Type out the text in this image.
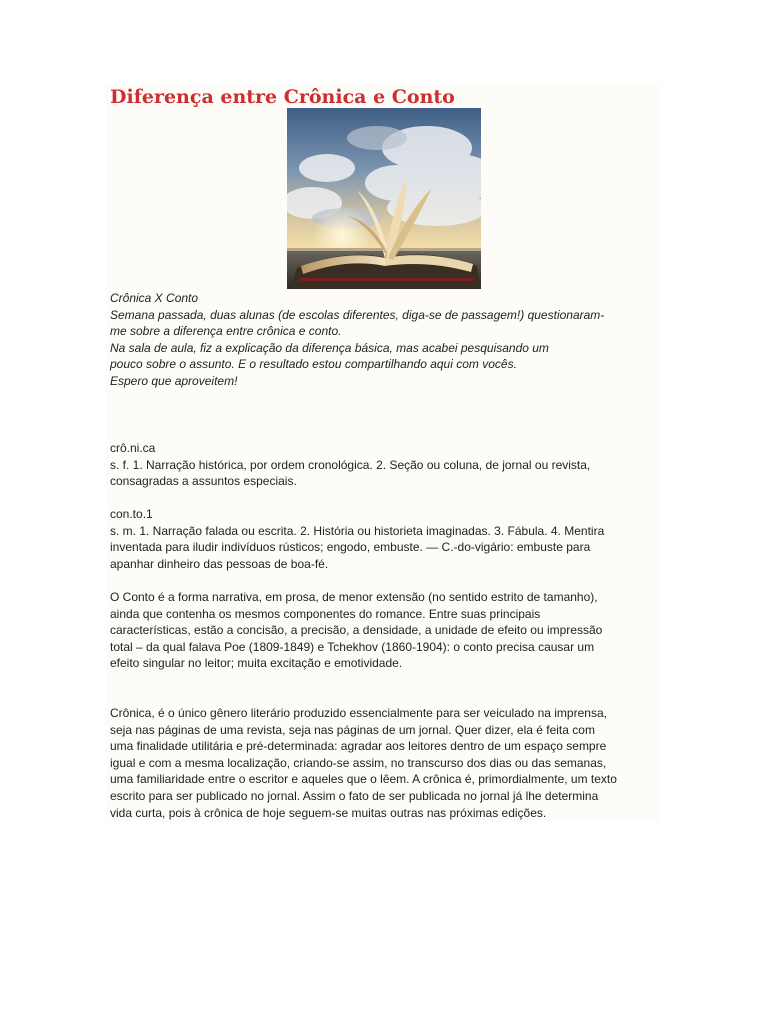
Diferença entre Crônica e Conto

Crônica X Conto

Semana passada, duas alunas (de escolas diferentes, diga-se de passagem!) questionaram-

me sobre a diferença entre crônica e conto.

Na sala de aula, fiz a explicação da diferença básica, mas acabei pesquisando um

pouco sobre o assunto. E o resultado estou compartilhando aqui com vocês.

Espero que aproveitem!

crô.ni.ca

s. f. 1. Narração histórica, por ordem cronológica. 2. Seção ou coluna, de jornal ou revista,

consagradas a assuntos especiais.

con.to.1

s. m. 1. Narração falada ou escrita. 2. História ou historieta imaginadas. 3. Fábula. 4. Mentira

inventada para iludir indivíduos rústicos; engodo, embuste. — C.-do-vigário: embuste para

apanhar dinheiro das pessoas de boa-fé.

O Conto é a forma narrativa, em prosa, de menor extensão (no sentido estrito de tamanho),

ainda que contenha os mesmos componentes do romance. Entre suas principais

características, estão a concisão, a precisão, a densidade, a unidade de efeito ou impressão

total – da qual falava Poe (1809-1849) e Tchekhov (1860-1904): o conto precisa causar um

efeito singular no leitor; muita excitação e emotividade.

Crônica, é o único gênero literário produzido essencialmente para ser veiculado na imprensa,

seja nas páginas de uma revista, seja nas páginas de um jornal. Quer dizer, ela é feita com

uma finalidade utilitária e pré-determinada: agradar aos leitores dentro de um espaço sempre

igual e com a mesma localização, criando-se assim, no transcurso dos dias ou das semanas,

uma familiaridade entre o escritor e aqueles que o lêem. A crônica é, primordialmente, um texto

escrito para ser publicado no jornal. Assim o fato de ser publicada no jornal já lhe determina

vida curta, pois à crônica de hoje seguem-se muitas outras nas próximas edições.
